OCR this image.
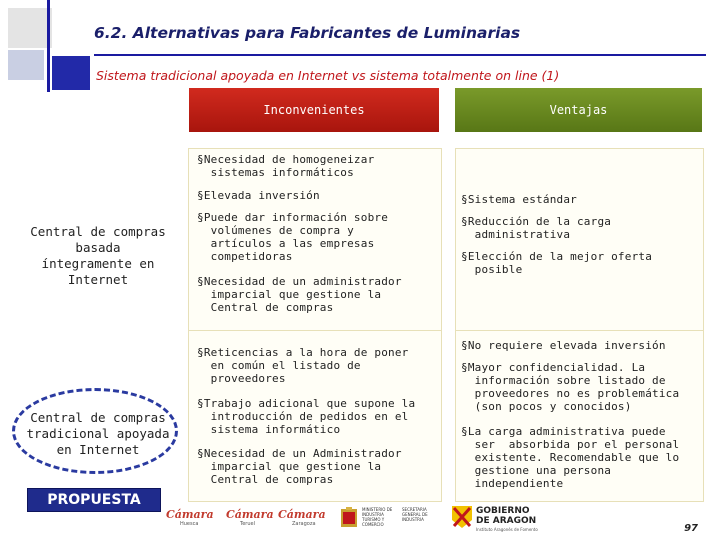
6.2. Alternativas para Fabricantes de Luminarias
Sistema tradicional apoyada en Internet vs sistema totalmente on line (1)
Inconvenientes	Ventajas
Central de compras
basada
íntegramente en
Internet
Central de compras
tradicional apoyada
en Internet
PROPUESTA
§Necesidad de homogeneizar
sistemas informáticos
§Elevada inversión
§Puede dar información sobre
volúmenes de compra y
artículos a las empresas
competidoras
§Necesidad de un administrador
imparcial que gestione la
Central de compras
§Sistema estándar
§Reducción de la carga
administrativa
§Elección de la mejor oferta
posible
§Reticencias a la hora de poner
en común el listado de
proveedores
§Trabajo adicional que supone la
introducción de pedidos en el
sistema informático
§Necesidad de un Administrador
imparcial que gestione la
Central de compras
§No requiere elevada inversión
§Mayor confidencialidad. La
información sobre listado de
proveedores no es problemática
(son pocos y conocidos)
§La carga administrativa puede
ser  absorbida por el personal
existente. Recomendable que lo
gestione una persona
independiente
Cámara
Huesca
Cámara
Teruel
Cámara
Zaragoza
MINISTERIO DE INDUSTRIA TURISMO Y COMERCIO
SECRETARIA GENERAL DE INDUSTRIA
GOBIERNO
DE ARAGON
Instituto Aragonés de Fomento	97
